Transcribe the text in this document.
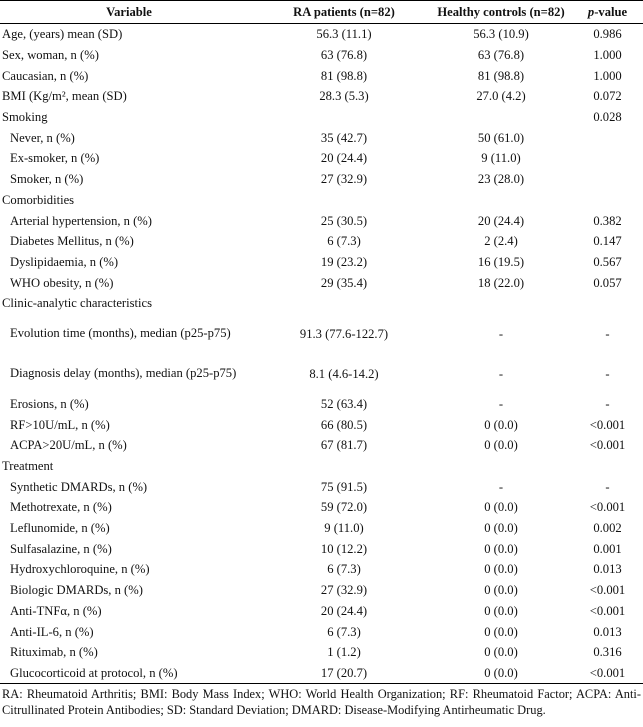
Variable	RA patients (n=82)	Healthy controls (n=82)	p-value
Age, (years) mean (SD)	56.3 (11.1)	56.3 (10.9)	0.986
Sex, woman, n (%)	63 (76.8)	63 (76.8)	1.000
Caucasian, n (%)	81 (98.8)	81 (98.8)	1.000
BMI (Kg/m², mean (SD)	28.3 (5.3)	27.0 (4.2)	0.072
Smoking			0.028
Never, n (%)	35 (42.7)	50 (61.0)	
Ex-smoker, n (%)	20 (24.4)	9 (11.0)	
Smoker, n (%)	27 (32.9)	23 (28.0)	
Comorbidities			
Arterial hypertension, n (%)	25 (30.5)	20 (24.4)	0.382
Diabetes Mellitus, n (%)	6 (7.3)	2 (2.4)	0.147
Dyslipidaemia, n (%)	19 (23.2)	16 (19.5)	0.567
WHO obesity, n (%)	29 (35.4)	18 (22.0)	0.057
Clinic-analytic characteristics			
Evolution time (months), median (p25-p75)	91.3 (77.6-122.7)	-	-
Diagnosis delay (months), median (p25-p75)	8.1 (4.6-14.2)	-	-
Erosions, n (%)	52 (63.4)	-	-
RF>10U/mL, n (%)	66 (80.5)	0 (0.0)	<0.001
ACPA>20U/mL, n (%)	67 (81.7)	0 (0.0)	<0.001
Treatment			
Synthetic DMARDs, n (%)	75 (91.5)	-	-
Methotrexate, n (%)	59 (72.0)	0 (0.0)	<0.001
Leflunomide, n (%)	9 (11.0)	0 (0.0)	0.002
Sulfasalazine, n (%)	10 (12.2)	0 (0.0)	0.001
Hydroxychloroquine, n (%)	6 (7.3)	0 (0.0)	0.013
Biologic DMARDs, n (%)	27 (32.9)	0 (0.0)	<0.001
Anti-TNFα, n (%)	20 (24.4)	0 (0.0)	<0.001
Anti-IL-6, n (%)	6 (7.3)	0 (0.0)	0.013
Rituximab, n (%)	1 (1.2)	0 (0.0)	0.316
Glucocorticoid at protocol, n (%)	17 (20.7)	0 (0.0)	<0.001
RA: Rheumatoid Arthritis; BMI: Body Mass Index; WHO: World Health Organization; RF: Rheumatoid Factor; ACPA: Anti-Citrullinated Protein Antibodies; SD: Standard Deviation; DMARD: Disease-Modifying Antirheumatic Drug.
